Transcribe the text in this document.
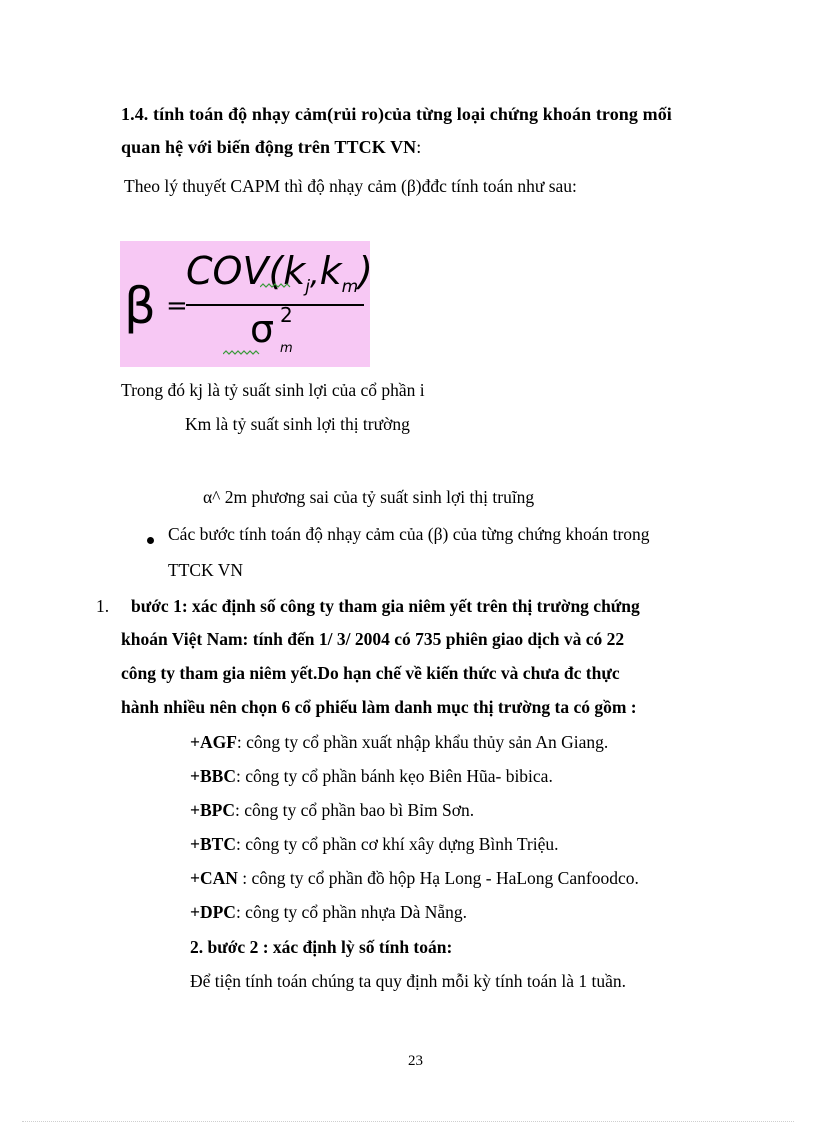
1.4. tính toán độ nhạy cảm(rủi ro)của từng loại chứng khoán trong mối
quan hệ với biến động trên TTCK VN:
Theo lý thuyết CAPM thì độ nhạy cảm (β)đđc tính toán như sau:
β =
$COV(k_j,k_m)$
σ 2
m
Trong đó kj là tỷ suất sinh lợi của cổ phần i
Km là tỷ suất sinh lợi thị trường
α^ 2m phương sai của tỷ suất sinh lợi thị truĩng
Các bước tính toán độ nhạy cảm của (β) của từng chứng khoán trong
TTCK VN
1. bước 1: xác định số công ty tham gia niêm yết trên thị trường chứng
khoán Việt Nam: tính đến 1/ 3/ 2004 có 735 phiên giao dịch và có 22
công ty tham gia niêm yết.Do hạn chế về kiến thức và chưa đc thực
hành nhiều nên chọn 6 cổ phiếu làm danh mục thị trường ta có gồm :
+AGF: công ty cổ phần xuất nhập khẩu thủy sản An Giang.
+BBC: công ty cổ phần bánh kẹo Biên Hũa- bibica.
+BPC: công ty cổ phần bao bì Bỉm Sơn.
+BTC: công ty cổ phần cơ khí xây dựng Bình Triệu.
+CAN : công ty cổ phần đồ hộp Hạ Long - HaLong Canfoodco.
+DPC: công ty cổ phần nhựa Dà Nẵng.
2. bước 2 : xác định lỳ số tính toán:
Để tiện tính toán chúng ta quy định mỗi kỳ tính toán là 1 tuần.
23
